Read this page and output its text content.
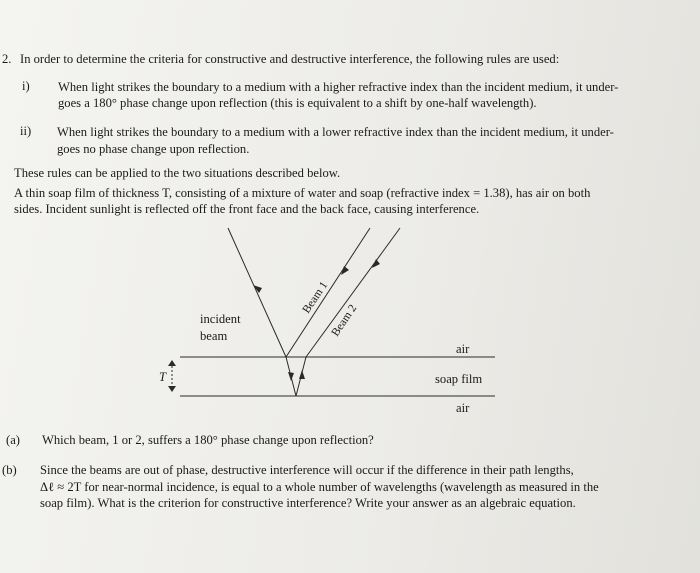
2. In order to determine the criteria for constructive and destructive interference, the following rules are used:
i) When light strikes the boundary to a medium with a higher refractive index than the incident medium, it under-
goes a 180° phase change upon reflection (this is equivalent to a shift by one-half wavelength).
ii) When light strikes the boundary to a medium with a lower refractive index than the incident medium, it under-
goes no phase change upon reflection.
These rules can be applied to the two situations described below.
A thin soap film of thickness T, consisting of a mixture of water and soap (refractive index = 1.38), has air on both
sides. Incident sunlight is reflected off the front face and the back face, causing interference.
incident
beam
Beam 1
Beam 2
T
air
soap film
air
(a) Which beam, 1 or 2, suffers a 180° phase change upon reflection?
(b) Since the beams are out of phase, destructive interference will occur if the difference in their path lengths,
Δℓ ≈ 2T for near-normal incidence, is equal to a whole number of wavelengths (wavelength as measured in the
soap film). What is the criterion for constructive interference? Write your answer as an algebraic equation.
